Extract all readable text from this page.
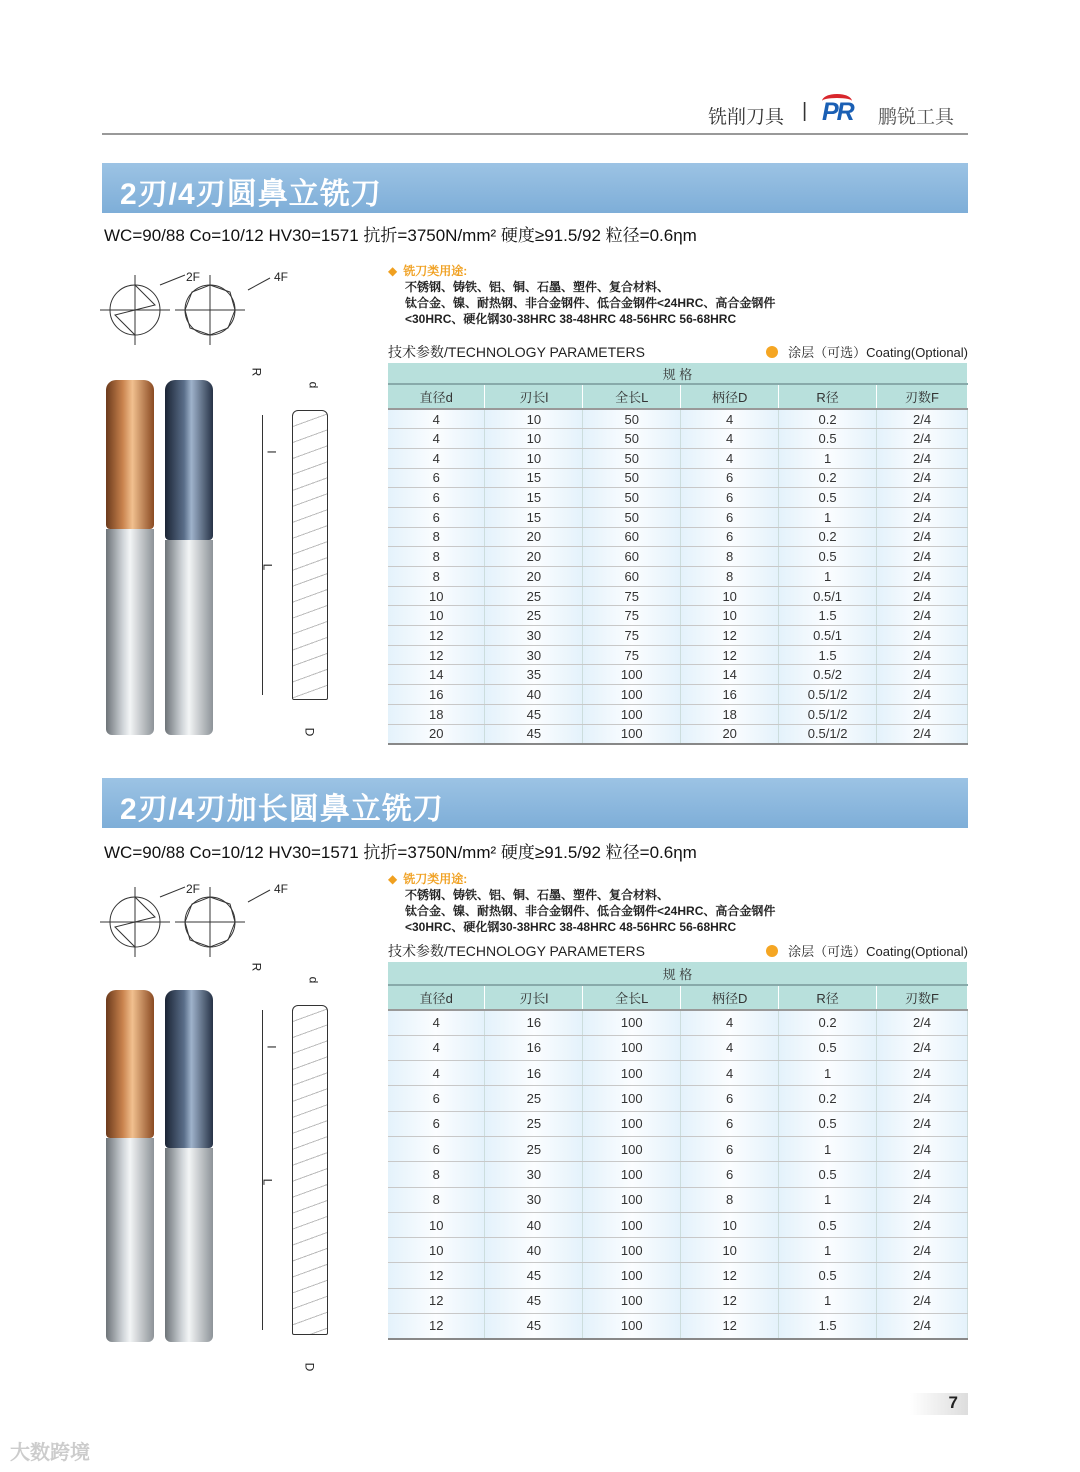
铣削刀具 | PR 鹏锐工具
2刃/4刃圆鼻立铣刀
WC=90/88 Co=10/12 HV30=1571 抗折=3750N/mm² 硬度≥91.5/92 粒径=0.6ηm
◆ 铣刀类用途:
不锈钢、铸铁、铝、铜、石墨、塑件、复合材料、
钛合金、镍、耐热钢、非合金钢件、低合金钢件<24HRC、高合金钢件
<30HRC、硬化钢30-38HRC 38-48HRC 48-56HRC 56-68HRC
技术参数/TECHNOLOGY PARAMETERS	涂层（可选）Coating(Optional)
2F	4F
R
d
l
L
D
规 格					
直径d	刃长l	全长L	柄径D	R径	刃数F
4	10	50	4	0.2	2/4
4	10	50	4	0.5	2/4
4	10	50	4	1	2/4
6	15	50	6	0.2	2/4
6	15	50	6	0.5	2/4
6	15	50	6	1	2/4
8	20	60	6	0.2	2/4
8	20	60	8	0.5	2/4
8	20	60	8	1	2/4
10	25	75	10	0.5/1	2/4
10	25	75	10	1.5	2/4
12	30	75	12	0.5/1	2/4
12	30	75	12	1.5	2/4
14	35	100	14	0.5/2	2/4
16	40	100	16	0.5/1/2	2/4
18	45	100	18	0.5/1/2	2/4
20	45	100	20	0.5/1/2	2/4
2刃/4刃加长圆鼻立铣刀
WC=90/88 Co=10/12 HV30=1571 抗折=3750N/mm² 硬度≥91.5/92 粒径=0.6ηm
◆ 铣刀类用途:
不锈钢、铸铁、铝、铜、石墨、塑件、复合材料、
钛合金、镍、耐热钢、非合金钢件、低合金钢件<24HRC、高合金钢件
<30HRC、硬化钢30-38HRC 38-48HRC 48-56HRC 56-68HRC
技术参数/TECHNOLOGY PARAMETERS	涂层（可选）Coating(Optional)
2F	4F
R
d
l
L
D
规 格					
直径d	刃长l	全长L	柄径D	R径	刃数F
4	16	100	4	0.2	2/4
4	16	100	4	0.5	2/4
4	16	100	4	1	2/4
6	25	100	6	0.2	2/4
6	25	100	6	0.5	2/4
6	25	100	6	1	2/4
8	30	100	6	0.5	2/4
8	30	100	8	1	2/4
10	40	100	10	0.5	2/4
10	40	100	10	1	2/4
12	45	100	12	0.5	2/4
12	45	100	12	1	2/4
12	45	100	12	1.5	2/4
7
大数跨境
